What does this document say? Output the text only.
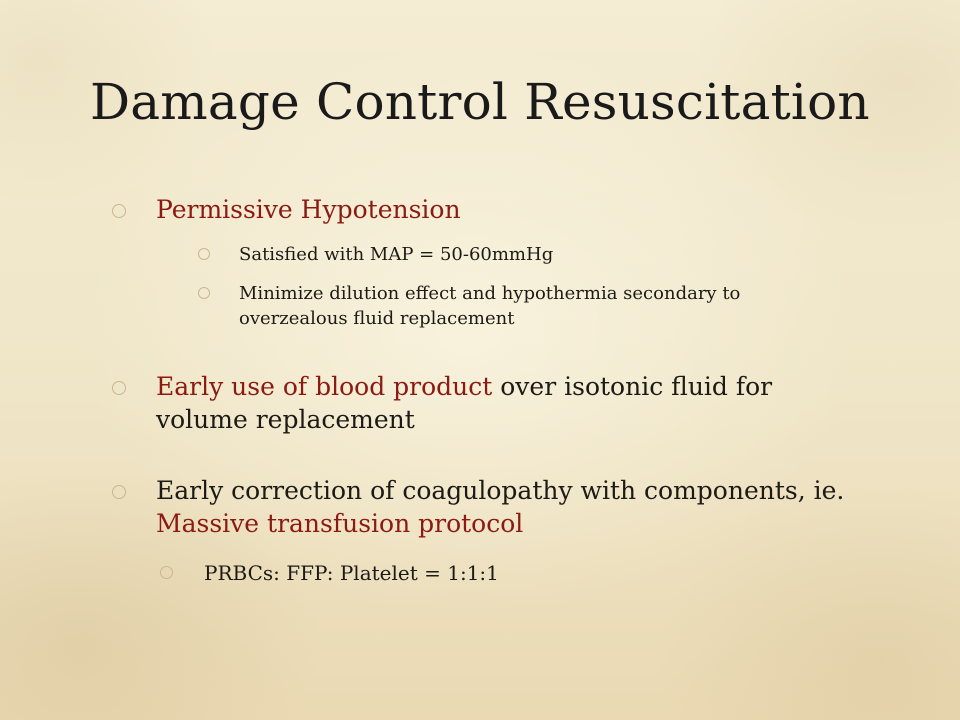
Damage Control Resuscitation

Permissive Hypotension

Satisfied with MAP = 50-60mmHg

Minimize dilution effect and hypothermia secondary to
overzealous fluid replacement

Early use of blood product over isotonic fluid for
volume replacement

Early correction of coagulopathy with components, ie.
Massive transfusion protocol

PRBCs: FFP: Platelet = 1:1:1
